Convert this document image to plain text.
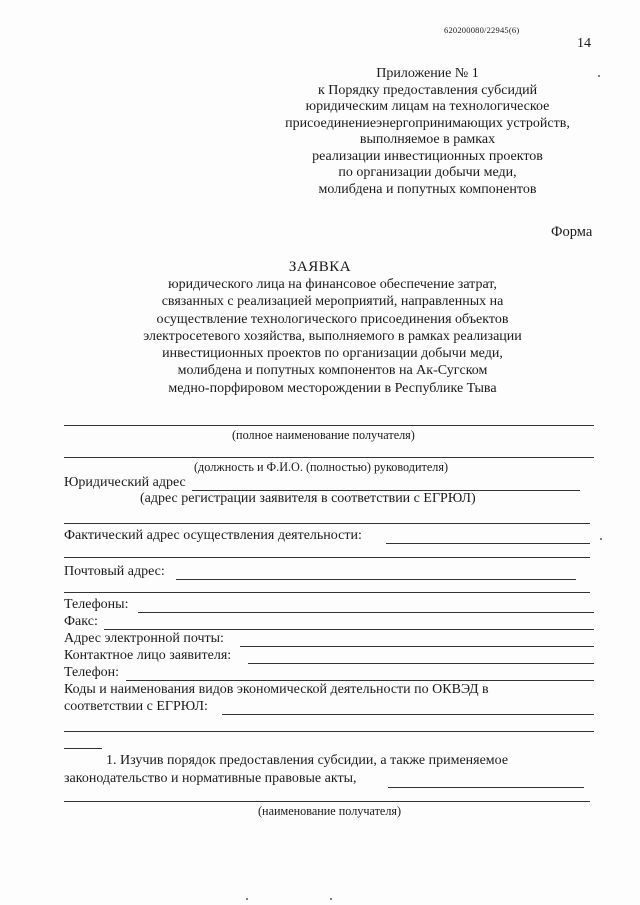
620200080/22945(6)
14
Приложение № 1
к Порядку предоставления субсидий
юридическим лицам на технологическое
присоединениеэнергопринимающих устройств,
выполняемое в рамках
реализации инвестиционных проектов
по организации добычи меди,
молибдена и попутных компонентов
Форма
ЗАЯВКА
юридического лица на финансовое обеспечение затрат,
связанных с реализацией мероприятий, направленных на
осуществление технологического присоединения объектов
электросетевого хозяйства, выполняемого в рамках реализации
инвестиционных проектов по организации добычи меди,
молибдена и попутных компонентов на Ак-Сугском
медно-порфировом месторождении в Республике Тыва
(полное наименование получателя)
(должность и Ф.И.О. (полностью) руководителя)
Юридический адрес
(адрес регистрации заявителя в соответствии с ЕГРЮЛ)
Фактический адрес осуществления деятельности:
Почтовый адрес:
Телефоны:
Факс:
Адрес электронной почты:
Контактное лицо заявителя:
Телефон:
Коды и наименования видов экономической деятельности по ОКВЭД в
соответствии с ЕГРЮЛ:
1. Изучив порядок предоставления субсидии, а также применяемое
законодательство и нормативные правовые акты,
(наименование получателя)
